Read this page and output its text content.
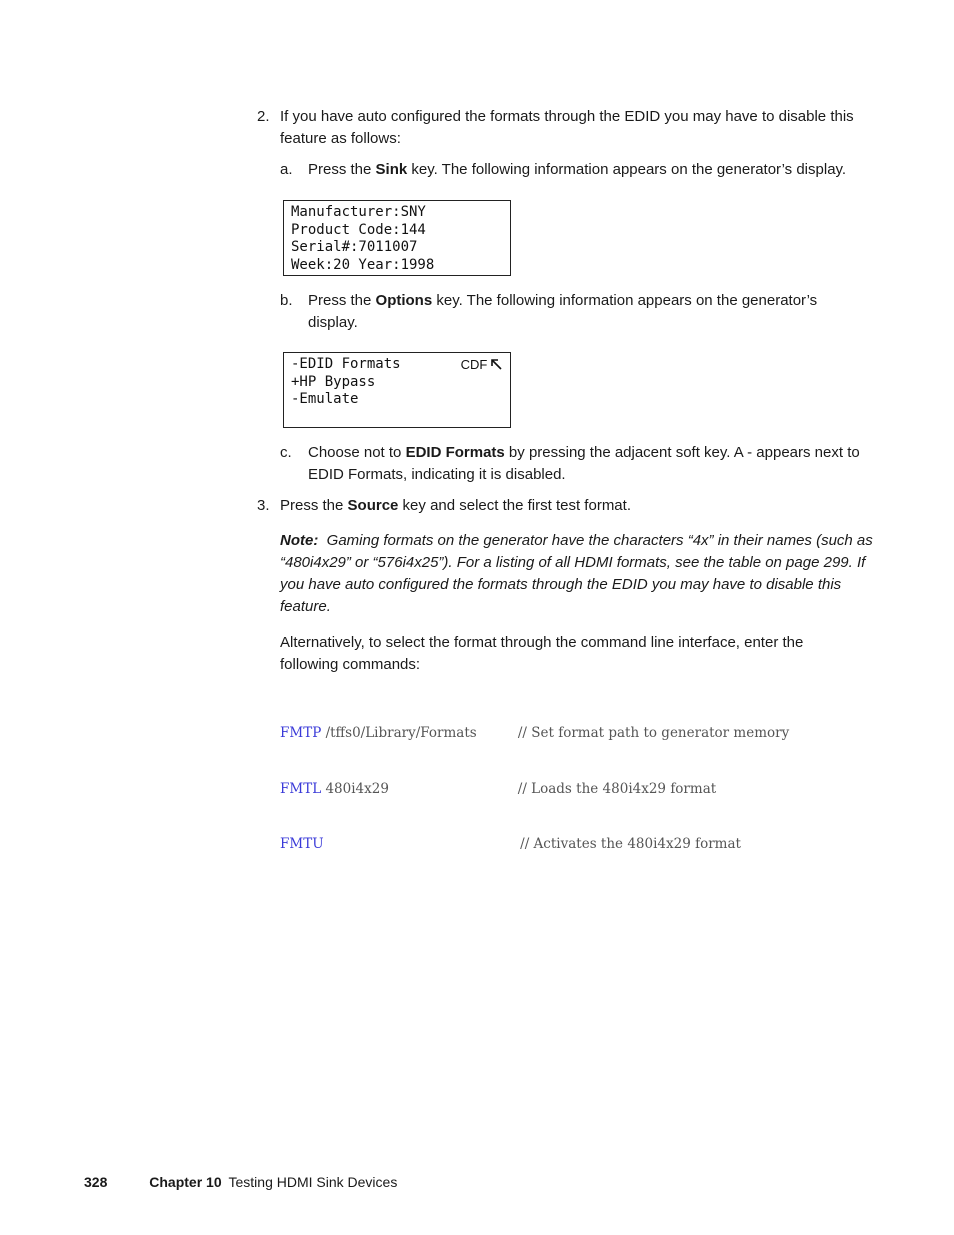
2. If you have auto configured the formats through the EDID you may have to disable this feature as follows:
a. Press the Sink key. The following information appears on the generator’s display.
Manufacturer:SNY
Product Code:144
Serial#:7011007
Week:20 Year:1998
b. Press the Options key. The following information appears on the generator’s display.
-EDID Formats
+HP Bypass
-Emulate
CDF
c. Choose not to EDID Formats by pressing the adjacent soft key. A - appears next to EDID Formats, indicating it is disabled.
3. Press the Source key and select the first test format.
Note: Gaming formats on the generator have the characters “4x” in their names (such as “480i4x29” or “576i4x25”). For a listing of all HDMI formats, see the table on page 299. If you have auto configured the formats through the EDID you may have to disable this feature.
Alternatively, to select the format through the command line interface, enter the following commands:

FMTP /tffs0/Library/Formats	// Set format path to generator memory

FMTL 480i4x29	// Loads the 480i4x29 format

FMTU	// Activates the 480i4x29 format

328	Chapter 10 Testing HDMI Sink Devices
